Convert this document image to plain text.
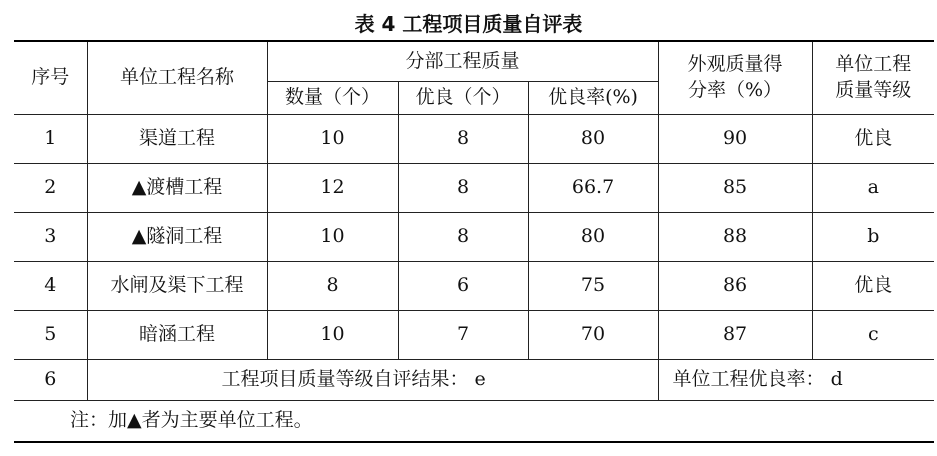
表 4 工程项目质量自评表
序号	单位工程名称	分部工程质量			外观质量得分率（%）	单位工程质量等级
		数量（个）	优良（个）	优良率(%)		
1	渠道工程	10	8	80	90	优良
2	▲渡槽工程	12	8	66.7	85	a
3	▲隧洞工程	10	8	80	88	b
4	水闸及渠下工程	8	6	75	86	优良
5	暗涵工程	10	7	70	87	c
6	工程项目质量等级自评结果： e				单位工程优良率： d	
注：加▲者为主要单位工程。						
